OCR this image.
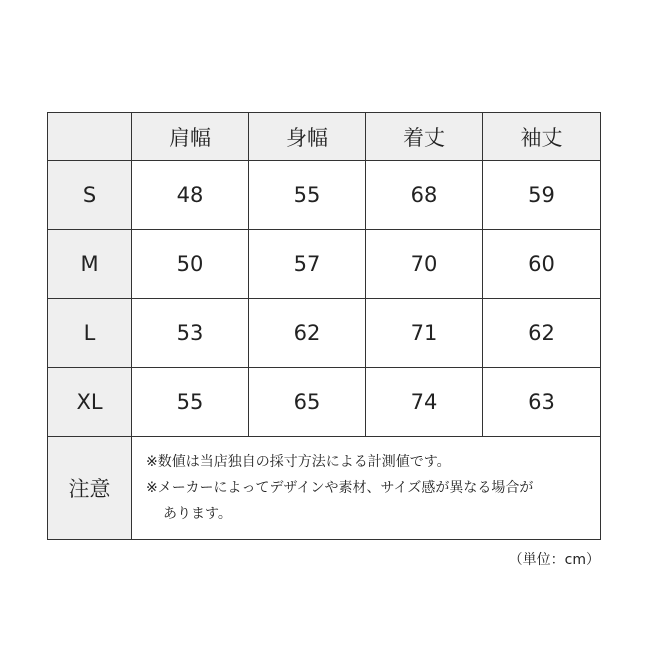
	肩幅	身幅	着丈	袖丈
S	48	55	68	59
M	50	57	70	60
L	53	62	71	62
XL	55	65	74	63
注意	※数値は当店独自の採寸方法による計測値です。
※メーカーによってデザインや素材、サイズ感が異なる場合が
あります。			
（単位：cm）
